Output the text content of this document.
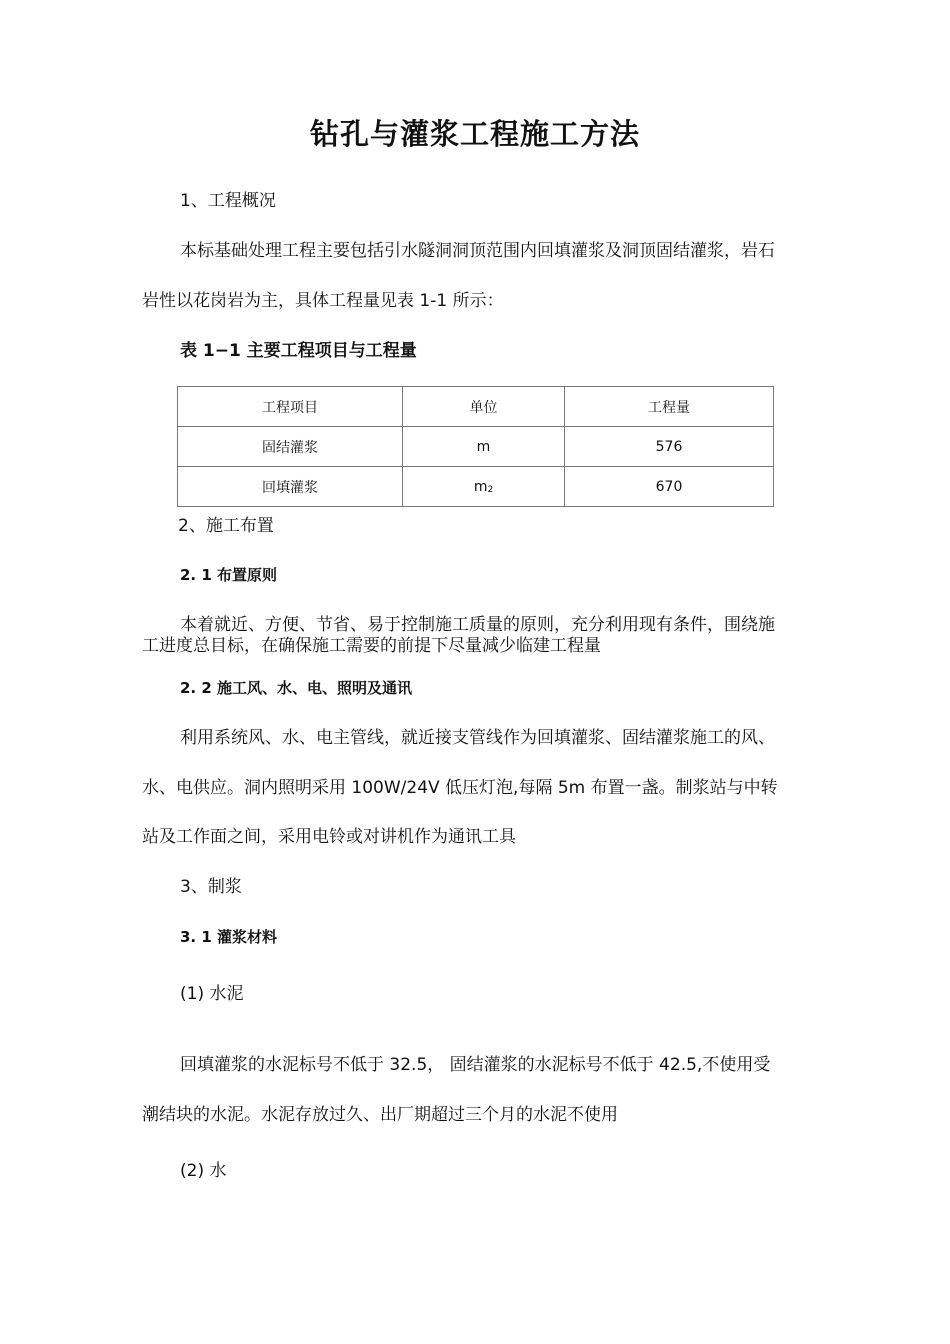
钻孔与灌浆工程施工方法
1、工程概况
本标基础处理工程主要包括引水隧洞洞顶范围内回填灌浆及洞顶固结灌浆，岩石
岩性以花岗岩为主，具体工程量见表 1-1 所示：
表 1−1 主要工程项目与工程量
工程项目	单位	工程量
固结灌浆	m	576
回填灌浆	m2	670
2、施工布置
2. 1 布置原则
本着就近、方便、节省、易于控制施工质量的原则，充分利用现有条件，围绕施
工进度总目标，在确保施工需要的前提下尽量减少临建工程量
2. 2 施工风、水、电、照明及通讯
利用系统风、水、电主管线，就近接支管线作为回填灌浆、固结灌浆施工的风、
水、电供应。洞内照明采用 100W/24V 低压灯泡,每隔 5m 布置一盏。制浆站与中转
站及工作面之间，采用电铃或对讲机作为通讯工具
3、制浆
3. 1 灌浆材料
(1) 水泥
回填灌浆的水泥标号不低于 32.5， 固结灌浆的水泥标号不低于 42.5,不使用受
潮结块的水泥。水泥存放过久、出厂期超过三个月的水泥不使用
(2) 水
